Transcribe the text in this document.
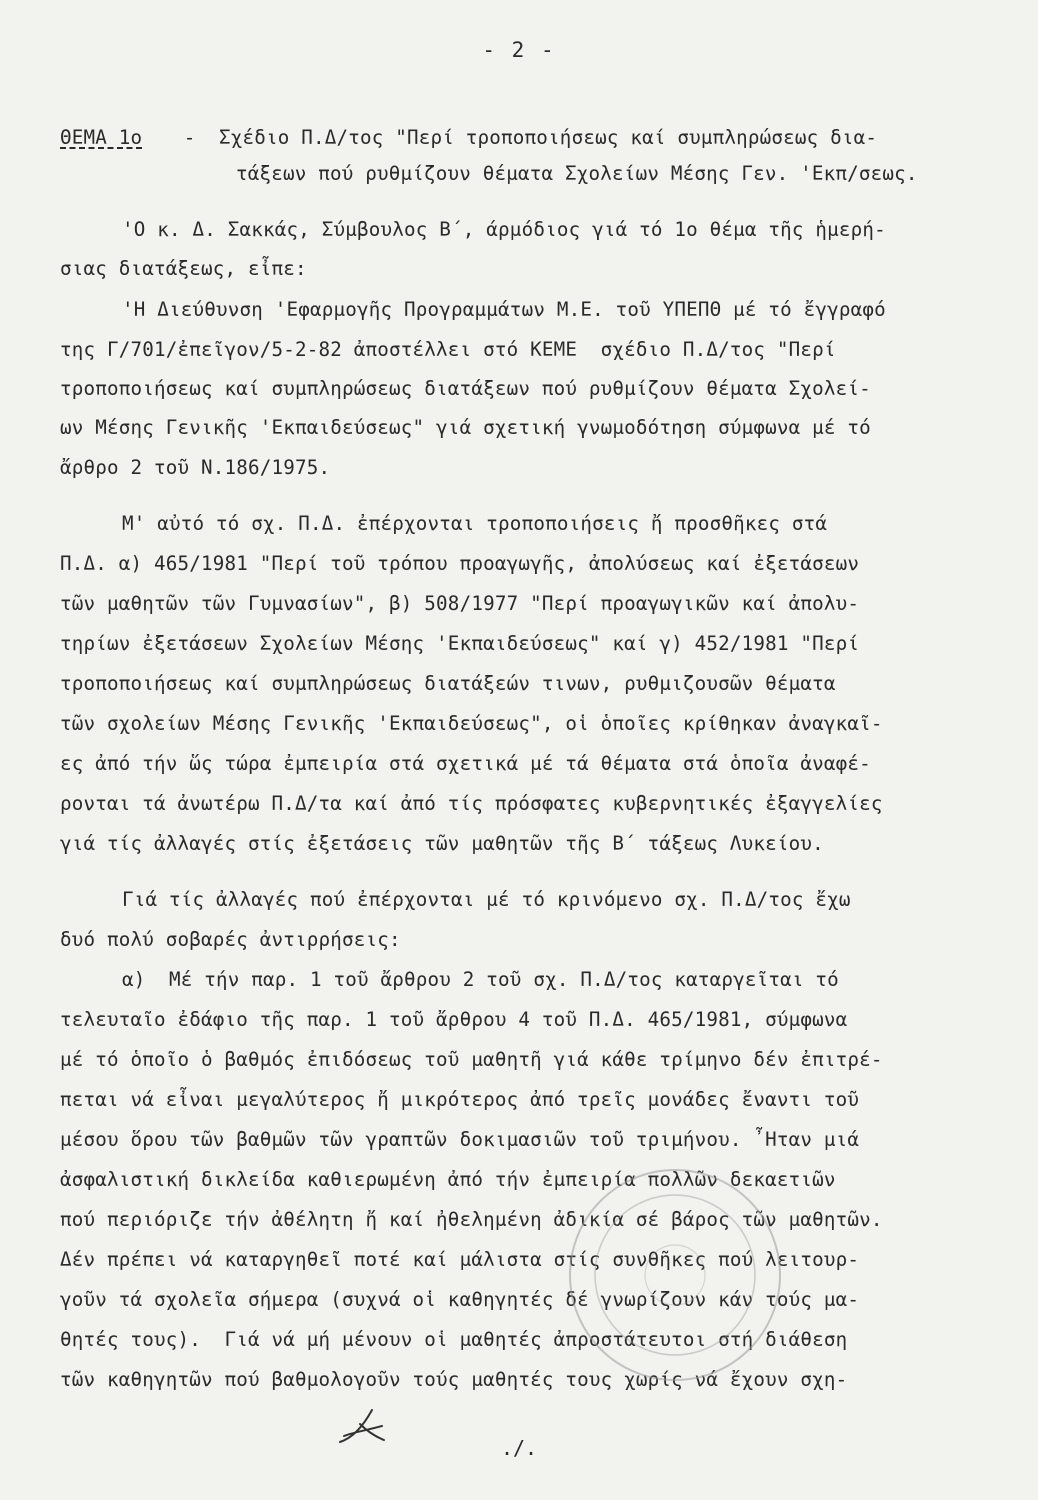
- 2 -
ΘΕΜΑ 1ο -  Σχέδιο Π.Δ/τος "Περί τροποποιήσεως καί συμπληρώσεως δια-
τάξεων πού ρυθμίζουν θέματα Σχολείων Μέσης Γεν. 'Εκπ/σεως.
'Ο κ. Δ. Σακκάς, Σύμβουλος Β΄, άρμόδιος γιά τό 1ο θέμα τῆς ἡμερή-
σιας διατάξεως, εἶπε:
'Η Διεύθυνση 'Εφαρμογῆς Προγραμμάτων Μ.Ε. τοῦ ΥΠΕΠΘ μέ τό ἔγγραφό
της Γ/701/ἐπεῖγον/5-2-82 ἀποστέλλει στό ΚΕΜΕ  σχέδιο Π.Δ/τος "Περί
τροποποιήσεως καί συμπληρώσεως διατάξεων πού ρυθμίζουν θέματα Σχολεί-
ων Μέσης Γενικῆς 'Εκπαιδεύσεως" γιά σχετική γνωμοδότηση σύμφωνα μέ τό
ἄρθρο 2 τοῦ Ν.186/1975.
Μ' αὐτό τό σχ. Π.Δ. ἐπέρχονται τροποποιήσεις ἤ προσθῆκες στά
Π.Δ. α) 465/1981 "Περί τοῦ τρόπου προαγωγῆς, ἀπολύσεως καί ἐξετάσεων
τῶν μαθητῶν τῶν Γυμνασίων", β) 508/1977 "Περί προαγωγικῶν καί ἀπολυ-
τηρίων ἐξετάσεων Σχολείων Μέσης 'Εκπαιδεύσεως" καί γ) 452/1981 "Περί
τροποποιήσεως καί συμπληρώσεως διατάξεών τινων, ρυθμιζουσῶν θέματα
τῶν σχολείων Μέσης Γενικῆς 'Εκπαιδεύσεως", οἱ ὁποῖες κρίθηκαν ἀναγκαῖ-
ες ἀπό τήν ὥς τώρα ἐμπειρία στά σχετικά μέ τά θέματα στά ὁποῖα ἀναφέ-
ρονται τά ἀνωτέρω Π.Δ/τα καί ἀπό τίς πρόσφατες κυβερνητικές ἐξαγγελίες
γιά τίς ἀλλαγές στίς ἐξετάσεις τῶν μαθητῶν τῆς Β΄ τάξεως Λυκείου.
Γιά τίς ἀλλαγές πού ἐπέρχονται μέ τό κρινόμενο σχ. Π.Δ/τος ἔχω
δυό πολύ σοβαρές ἀντιρρήσεις:
α)  Μέ τήν παρ. 1 τοῦ ἄρθρου 2 τοῦ σχ. Π.Δ/τος καταργεῖται τό
τελευταῖο ἐδάφιο τῆς παρ. 1 τοῦ ἄρθρου 4 τοῦ Π.Δ. 465/1981, σύμφωνα
μέ τό ὁποῖο ὁ βαθμός ἐπιδόσεως τοῦ μαθητῆ γιά κάθε τρίμηνο δέν ἐπιτρέ-
πεται νά εἶναι μεγαλύτερος ἤ μικρότερος ἀπό τρεῖς μονάδες ἔναντι τοῦ
μέσου ὅρου τῶν βαθμῶν τῶν γραπτῶν δοκιμασιῶν τοῦ τριμήνου. ῏Ηταν μιά
ἀσφαλιστική δικλείδα καθιερωμένη ἀπό τήν ἐμπειρία πολλῶν δεκαετιῶν
πού περιόριζε τήν ἀθέλητη ἤ καί ἠθελημένη ἀδικία σέ βάρος τῶν μαθητῶν.
Δέν πρέπει νά καταργηθεῖ ποτέ καί μάλιστα στίς συνθῆκες πού λειτουρ-
γοῦν τά σχολεῖα σήμερα (συχνά οἱ καθηγητές δέ γνωρίζουν κάν τούς μα-
θητές τους).  Γιά νά μή μένουν οἱ μαθητές ἀπροστάτευτοι στή διάθεση
τῶν καθηγητῶν πού βαθμολογοῦν τούς μαθητές τους χωρίς νά ἔχουν σχη-
./.
